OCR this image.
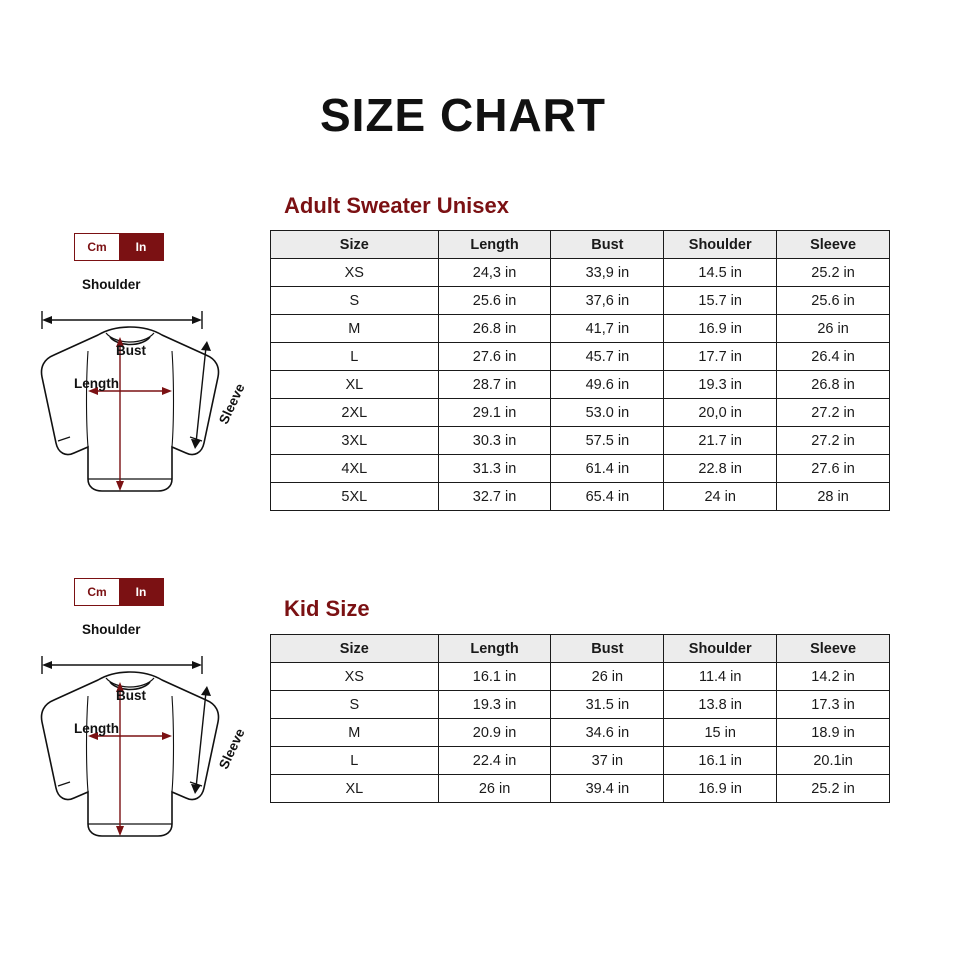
SIZE CHART
Cm	In
Shoulder
Bust
Length	Sleeve
Adult Sweater Unisex
Size	Length	Bust	Shoulder	Sleeve
XS	24,3 in	33,9 in	14.5 in	25.2 in
S	25.6 in	37,6 in	15.7 in	25.6 in
M	26.8 in	41,7 in	16.9 in	26 in
L	27.6 in	45.7 in	17.7 in	26.4 in
XL	28.7 in	49.6 in	19.3 in	26.8 in
2XL	29.1 in	53.0 in	20,0 in	27.2 in
3XL	30.3 in	57.5 in	21.7 in	27.2 in
4XL	31.3 in	61.4 in	22.8 in	27.6 in
5XL	32.7 in	65.4 in	24 in	28 in
Cm	In
Shoulder
Bust
Length	Sleeve
Kid Size
Size	Length	Bust	Shoulder	Sleeve
XS	16.1 in	26 in	11.4 in	14.2 in
S	19.3 in	31.5 in	13.8 in	17.3 in
M	20.9 in	34.6 in	15 in	18.9 in
L	22.4 in	37 in	16.1 in	20.1in
XL	26 in	39.4 in	16.9 in	25.2 in
